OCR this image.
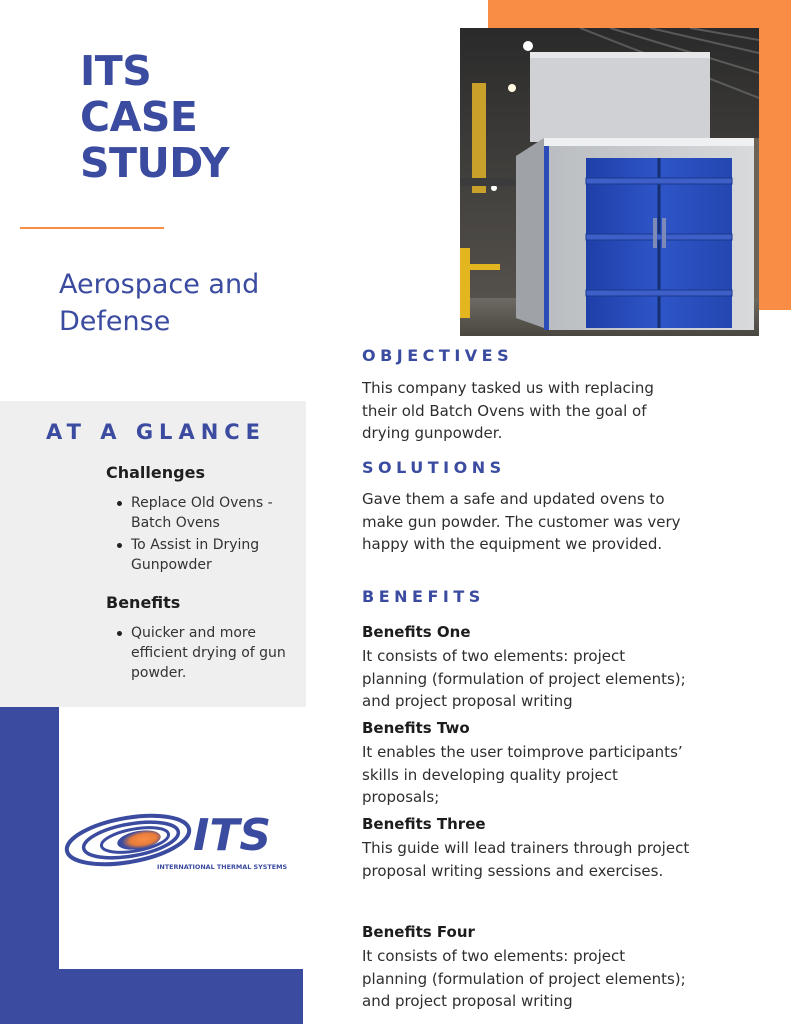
ITS
CASE
STUDY
Aerospace and Defense
AT A GLANCE
Challenges
Replace Old Ovens - Batch Ovens
To Assist in Drying Gunpowder
Benefits
Quicker and more efficient drying of gun powder.
ITS
INTERNATIONAL THERMAL SYSTEMS
OBJECTIVES
This company tasked us with replacing their old Batch Ovens with the goal of drying gunpowder.
SOLUTIONS
Gave them a safe and updated ovens to make gun powder. The customer was very happy with the equipment we provided.
BENEFITS
Benefits One
It consists of two elements: project planning (formulation of project elements); and project proposal writing
Benefits Two
It enables the user toimprove participants’ skills in developing quality project proposals;
Benefits Three
This guide will lead trainers through project proposal writing sessions and exercises.
Benefits Four
It consists of two elements: project planning (formulation of project elements); and project proposal writing
